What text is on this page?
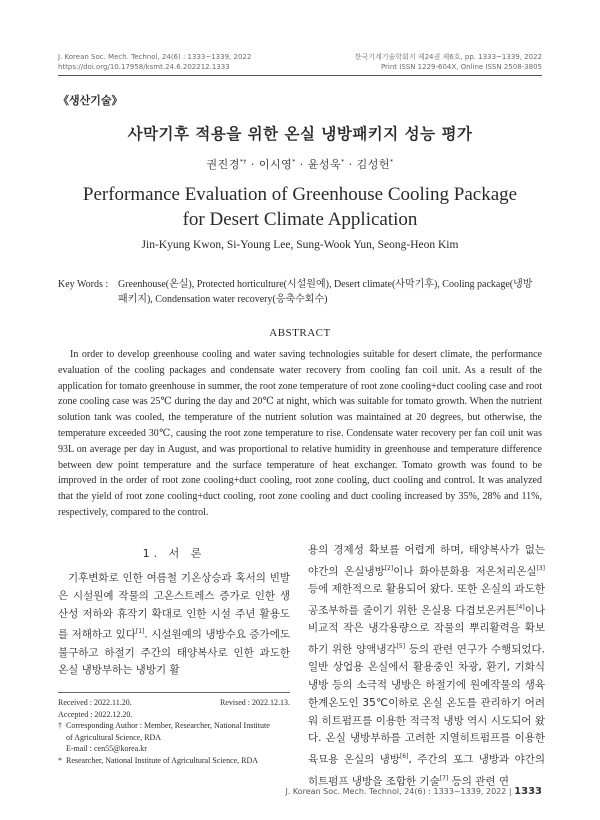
J. Korean Soc. Mech. Technol, 24(6) : 1333~1339, 2022	한국기계기술학회지 제24권 제6호, pp. 1333~1339, 2022
https://doi.org/10.17958/ksmt.24.6.202212.1333	Print ISSN 1229-604X, Online ISSN 2508-3805
《생산기술》
사막기후 적용을 위한 온실 냉방패키지 성능 평가
권진경*† · 이시영* · 윤성욱* · 김성헌*
Performance Evaluation of Greenhouse Cooling Package
for Desert Climate Application
Jin-Kyung Kwon, Si-Young Lee, Sung-Wook Yun, Seong-Heon Kim
Key Words : Greenhouse(온실), Protected horticulture(시설원예), Desert climate(사막기후), Cooling package(냉방패키지), Condensation water recovery(응축수회수)
ABSTRACT

In order to develop greenhouse cooling and water saving technologies suitable for desert climate, the performance evaluation of the cooling packages and condensate water recovery from cooling fan coil unit. As a result of the application for tomato greenhouse in summer, the root zone temperature of root zone cooling+duct cooling case and root zone cooling case was 25℃ during the day and 20℃ at night, which was suitable for tomato growth. When the nutrient solution tank was cooled, the temperature of the nutrient solution was maintained at 20 degrees, but otherwise, the temperature exceeded 30℃, causing the root zone temperature to rise. Condensate water recovery per fan coil unit was 93L on average per day in August, and was proportional to relative humidity in greenhouse and temperature difference between dew point temperature and the surface temperature of heat exchanger. Tomato growth was found to be improved in the order of root zone cooling+duct cooling, root zone cooling, duct cooling and control. It was analyzed that the yield of root zone cooling+duct cooling, root zone cooling and duct cooling increased by 35%, 28% and 11%, respectively, compared to the control.

1. 서 론

기후변화로 인한 여름철 기온상승과 혹서의 빈발은 시설원예 작물의 고온스트레스 증가로 인한 생산성 저하와 휴작기 확대로 인한 시설 주년 활용도를 저해하고 있다[1]. 시설원예의 냉방수요 증가에도 불구하고 하절기 주간의 태양복사로 인한 과도한 온실 냉방부하는 냉방기 활

Received : 2022.11.20.	Revised : 2022.12.13.
Accepted : 2022.12.20.
† Corresponding Author : Member, Researcher, National Institute
of Agricultural Science, RDA
E-mail : cen55@korea.kr
* Researcher, National Institute of Agricultural Science, RDA

용의 경제성 확보를 어렵게 하며, 태양복사가 없는 야간의 온실냉방[2]이나 화아분화용 저온처리온실[3]등에 제한적으로 활용되어 왔다. 또한 온실의 과도한 공조부하를 줄이기 위한 온실용 다겹보온커튼[4]이나 비교적 작은 냉각용량으로 작물의 뿌리활력을 확보하기 위한 양액냉각[5] 등의 관련 연구가 수행되었다. 일반 상업용 온실에서 활용중인 차광, 환기, 기화식 냉방 등의 소극적 냉방은 하절기에 원예작물의 생육한계온도인 35℃이하로 온실 온도를 관리하기 어려워 히트펌프를 이용한 적극적 냉방 역시 시도되어 왔다. 온실 냉방부하를 고려한 지열히트펌프를 이용한 육묘용 온실의 냉방[6], 주간의 포그 냉방과 야간의 히트펌프 냉방을 조합한 기술[7] 등의 관련 연

J. Korean Soc. Mech. Technol, 24(6) : 1333~1339, 2022 | 1333
